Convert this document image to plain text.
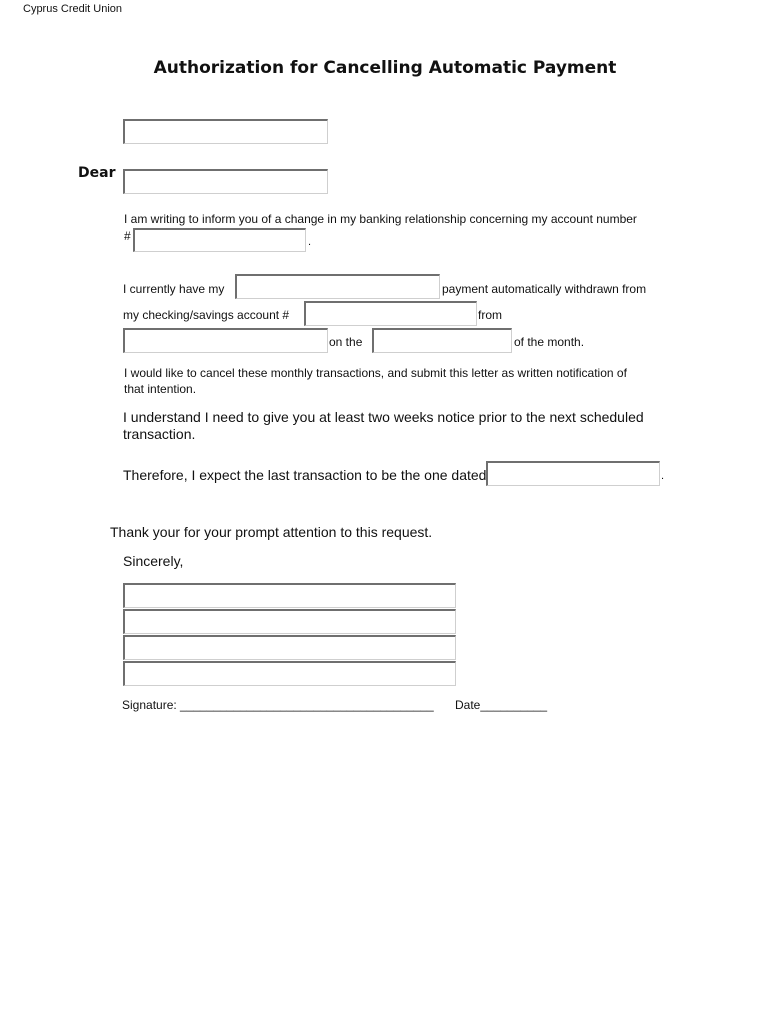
Cyprus Credit Union
Authorization for Cancelling Automatic Payment
Dear
I am writing to inform you of a change in my banking relationship concerning my account number
#	.
I currently have my	payment automatically withdrawn from
my checking/savings account #	from
on the	of the month.
I would like to cancel these monthly transactions, and submit this letter as written notification of
that intention.
I understand I need to give you at least two weeks notice prior to the next scheduled
transaction.
Therefore, I expect the last transaction to be the one dated	.
Thank your for your prompt attention to this request.
Sincerely,
Signature: ______________________________________ Date__________
